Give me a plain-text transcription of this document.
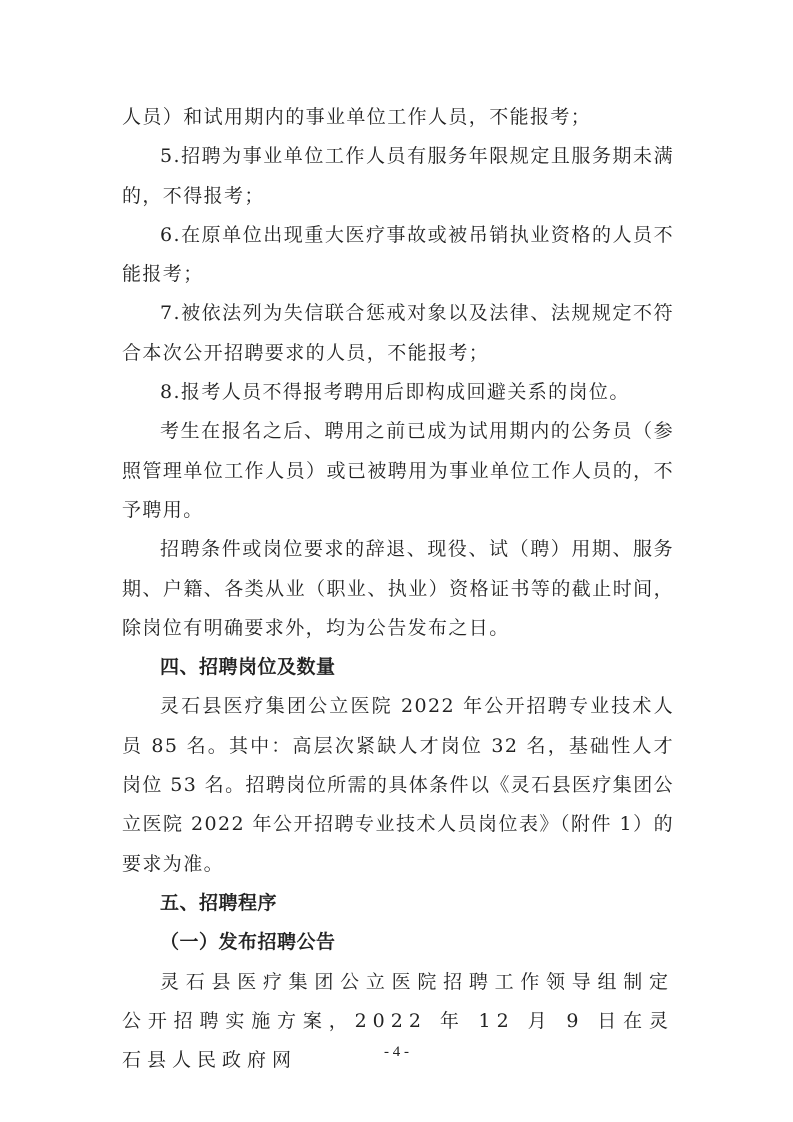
人员）和试用期内的事业单位工作人员，不能报考；

5.招聘为事业单位工作人员有服务年限规定且服务期未满的，不得报考；

6.在原单位出现重大医疗事故或被吊销执业资格的人员不能报考；

7.被依法列为失信联合惩戒对象以及法律、法规规定不符合本次公开招聘要求的人员，不能报考；

8.报考人员不得报考聘用后即构成回避关系的岗位。

考生在报名之后、聘用之前已成为试用期内的公务员（参照管理单位工作人员）或已被聘用为事业单位工作人员的，不予聘用。

招聘条件或岗位要求的辞退、现役、试（聘）用期、服务期、户籍、各类从业（职业、执业）资格证书等的截止时间，除岗位有明确要求外，均为公告发布之日。

四、招聘岗位及数量

灵石县医疗集团公立医院 2022 年公开招聘专业技术人员 85 名。其中：高层次紧缺人才岗位 32 名，基础性人才岗位 53 名。招聘岗位所需的具体条件以《灵石县医疗集团公立医院 2022 年公开招聘专业技术人员岗位表》（附件 1）的要求为准。

五、招聘程序

（一）发布招聘公告

灵石县医疗集团公立医院招聘工作领导组制定公开招聘实施方案，2022 年 12 月 9 日在灵石县人民政府网	- 4 -
